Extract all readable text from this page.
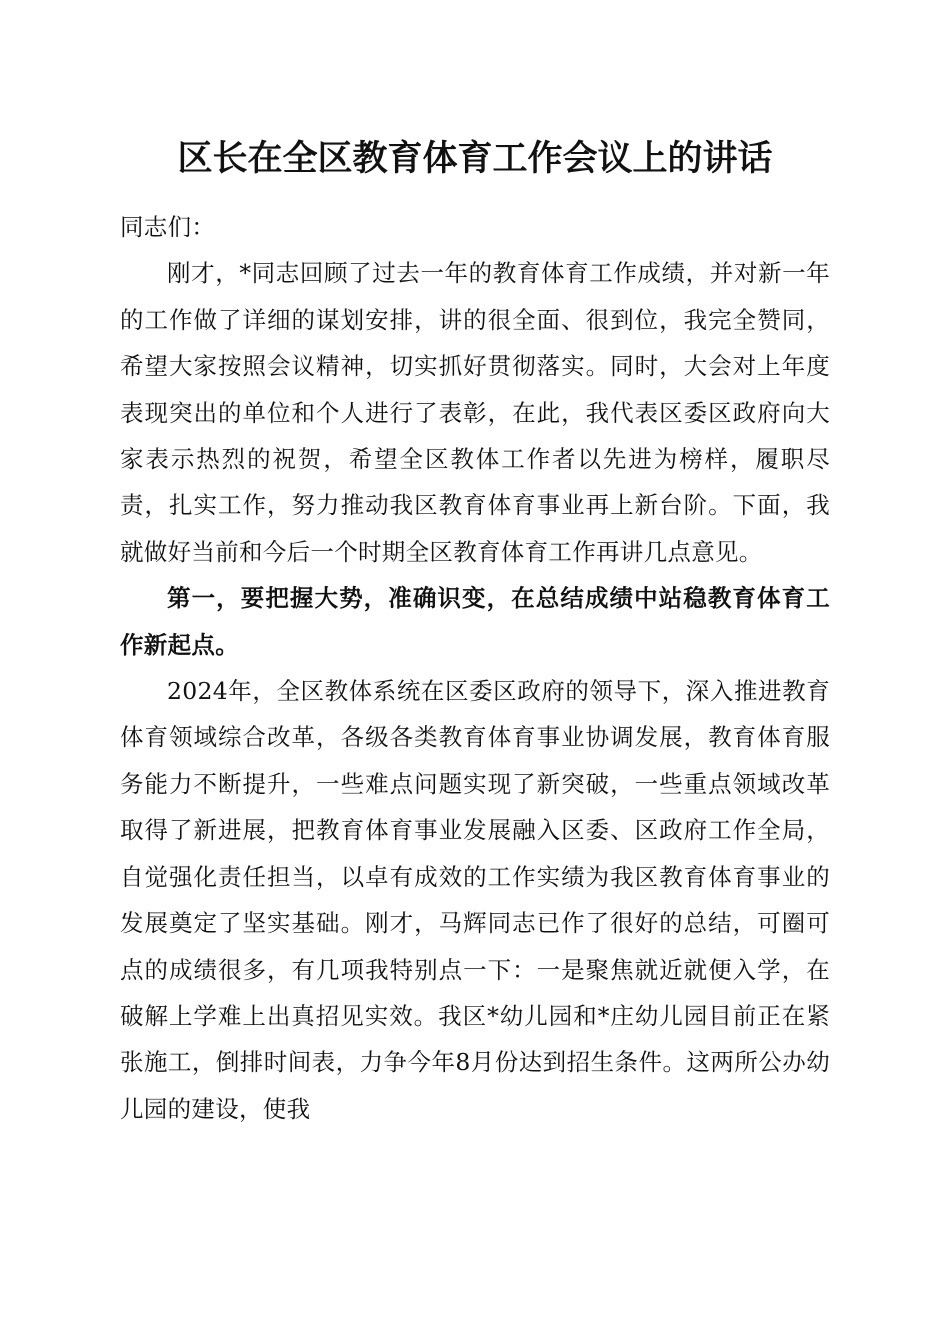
区长在全区教育体育工作会议上的讲话

同志们：

刚才，*同志回顾了过去一年的教育体育工作成绩，并对新一年的工作做了详细的谋划安排，讲的很全面、很到位，我完全赞同，希望大家按照会议精神，切实抓好贯彻落实。同时，大会对上年度表现突出的单位和个人进行了表彰，在此，我代表区委区政府向大家表示热烈的祝贺，希望全区教体工作者以先进为榜样，履职尽责，扎实工作，努力推动我区教育体育事业再上新台阶。下面，我就做好当前和今后一个时期全区教育体育工作再讲几点意见。

第一，要把握大势，准确识变，在总结成绩中站稳教育体育工作新起点。

2024年，全区教体系统在区委区政府的领导下，深入推进教育体育领域综合改革，各级各类教育体育事业协调发展，教育体育服务能力不断提升，一些难点问题实现了新突破，一些重点领域改革取得了新进展，把教育体育事业发展融入区委、区政府工作全局，自觉强化责任担当，以卓有成效的工作实绩为我区教育体育事业的发展奠定了坚实基础。刚才，马辉同志已作了很好的总结，可圈可点的成绩很多，有几项我特别点一下：一是聚焦就近就便入学，在破解上学难上出真招见实效。我区*幼儿园和*庄幼儿园目前正在紧张施工，倒排时间表，力争今年8月份达到招生条件。这两所公办幼儿园的建设，使我
